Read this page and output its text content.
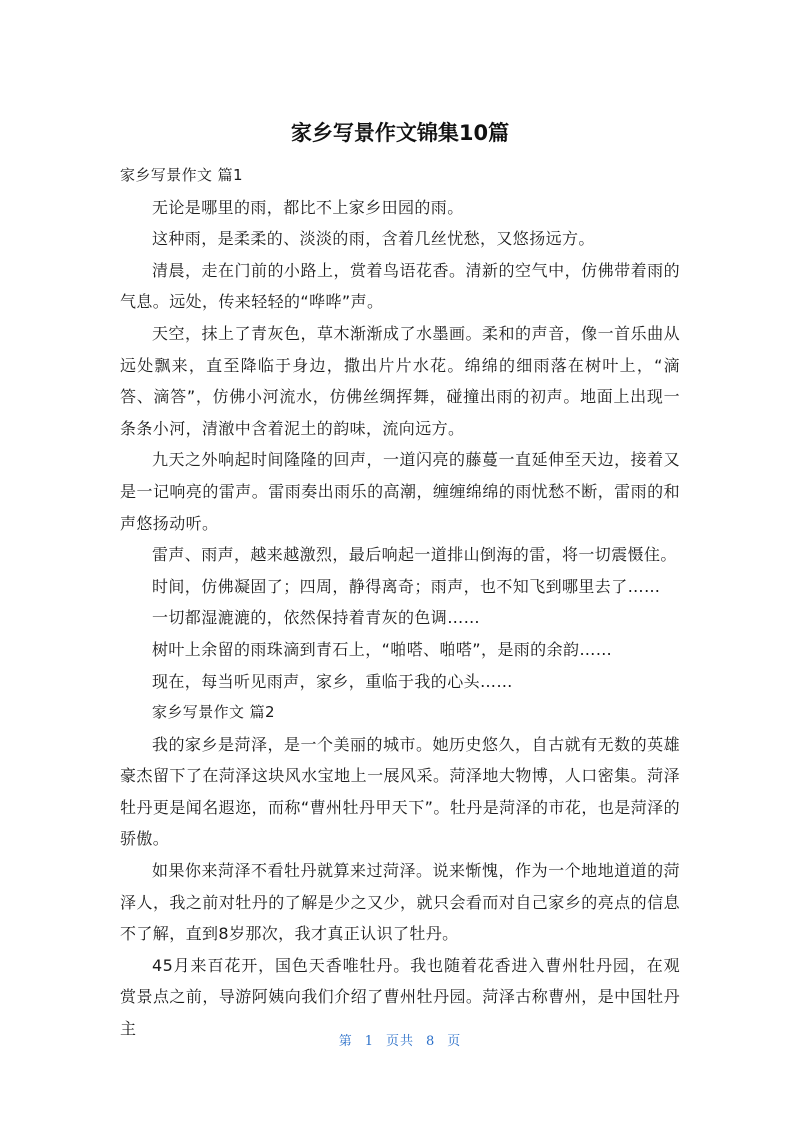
家乡写景作文锦集10篇

家乡写景作文 篇1

无论是哪里的雨，都比不上家乡田园的雨。

这种雨，是柔柔的、淡淡的雨，含着几丝忧愁，又悠扬远方。

清晨，走在门前的小路上，赏着鸟语花香。清新的空气中，仿佛带着雨的气息。远处，传来轻轻的“哗哗”声。

天空，抹上了青灰色，草木渐渐成了水墨画。柔和的声音，像一首乐曲从远处飘来，直至降临于身边，撒出片片水花。绵绵的细雨落在树叶上，“滴答、滴答”，仿佛小河流水，仿佛丝绸挥舞，碰撞出雨的初声。地面上出现一条条小河，清澈中含着泥土的韵味，流向远方。

九天之外响起时间隆隆的回声，一道闪亮的藤蔓一直延伸至天边，接着又是一记响亮的雷声。雷雨奏出雨乐的高潮，缠缠绵绵的雨忧愁不断，雷雨的和声悠扬动听。

雷声、雨声，越来越激烈，最后响起一道排山倒海的雷，将一切震慑住。

时间，仿佛凝固了；四周，静得离奇；雨声，也不知飞到哪里去了……

一切都湿漉漉的，依然保持着青灰的色调……

树叶上余留的雨珠滴到青石上，“啪嗒、啪嗒”，是雨的余韵……

现在，每当听见雨声，家乡，重临于我的心头……

家乡写景作文 篇2

我的家乡是菏泽，是一个美丽的城市。她历史悠久，自古就有无数的英雄豪杰留下了在菏泽这块风水宝地上一展风采。菏泽地大物博，人口密集。菏泽牡丹更是闻名遐迩，而称“曹州牡丹甲天下”。牡丹是菏泽的市花，也是菏泽的骄傲。

如果你来菏泽不看牡丹就算来过菏泽。说来惭愧，作为一个地地道道的菏泽人，我之前对牡丹的了解是少之又少，就只会看而对自己家乡的亮点的信息不了解，直到8岁那次，我才真正认识了牡丹。

45月来百花开，国色天香唯牡丹。我也随着花香进入曹州牡丹园，在观赏景点之前，导游阿姨向我们介绍了曹州牡丹园。菏泽古称曹州，是中国牡丹主

第 1 页共 8 页
